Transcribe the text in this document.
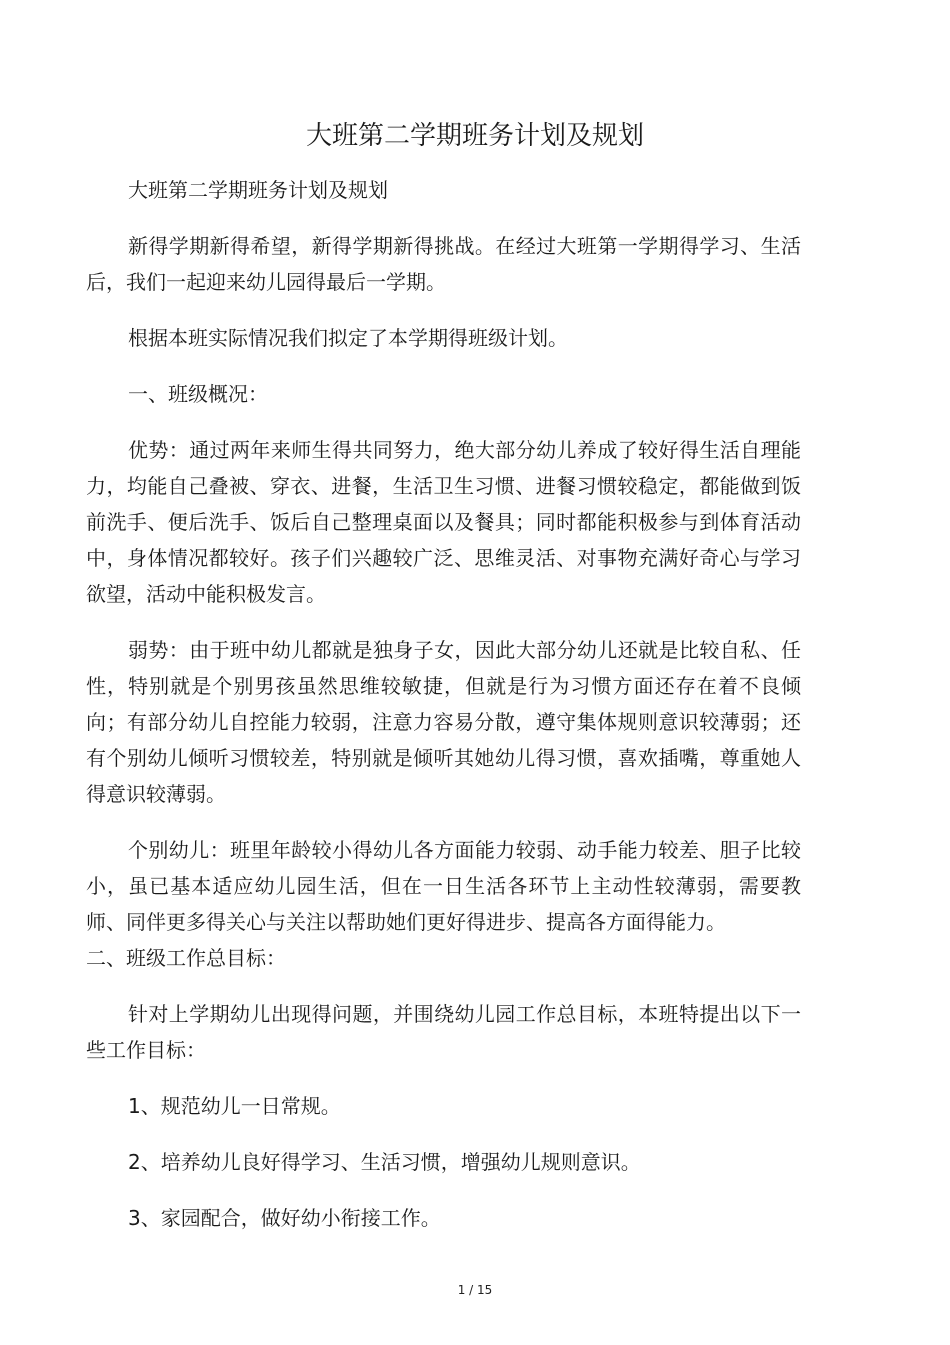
大班第二学期班务计划及规划

大班第二学期班务计划及规划

新得学期新得希望，新得学期新得挑战。在经过大班第一学期得学习、生活后，我们一起迎来幼儿园得最后一学期。

根据本班实际情况我们拟定了本学期得班级计划。

一、班级概况：

优势：通过两年来师生得共同努力，绝大部分幼儿养成了较好得生活自理能力，均能自己叠被、穿衣、进餐，生活卫生习惯、进餐习惯较稳定，都能做到饭前洗手、便后洗手、饭后自己整理桌面以及餐具；同时都能积极参与到体育活动中，身体情况都较好。孩子们兴趣较广泛、思维灵活、对事物充满好奇心与学习欲望，活动中能积极发言。

弱势：由于班中幼儿都就是独身子女，因此大部分幼儿还就是比较自私、任性，特别就是个别男孩虽然思维较敏捷，但就是行为习惯方面还存在着不良倾向；有部分幼儿自控能力较弱，注意力容易分散，遵守集体规则意识较薄弱；还有个别幼儿倾听习惯较差，特别就是倾听其她幼儿得习惯，喜欢插嘴，尊重她人得意识较薄弱。

个别幼儿：班里年龄较小得幼儿各方面能力较弱、动手能力较差、胆子比较小，虽已基本适应幼儿园生活，但在一日生活各环节上主动性较薄弱，需要教师、同伴更多得关心与关注以帮助她们更好得进步、提高各方面得能力。

二、班级工作总目标：

针对上学期幼儿出现得问题，并围绕幼儿园工作总目标，本班特提出以下一些工作目标：

1、规范幼儿一日常规。

2、培养幼儿良好得学习、生活习惯，增强幼儿规则意识。

3、家园配合，做好幼小衔接工作。

1 / 15
